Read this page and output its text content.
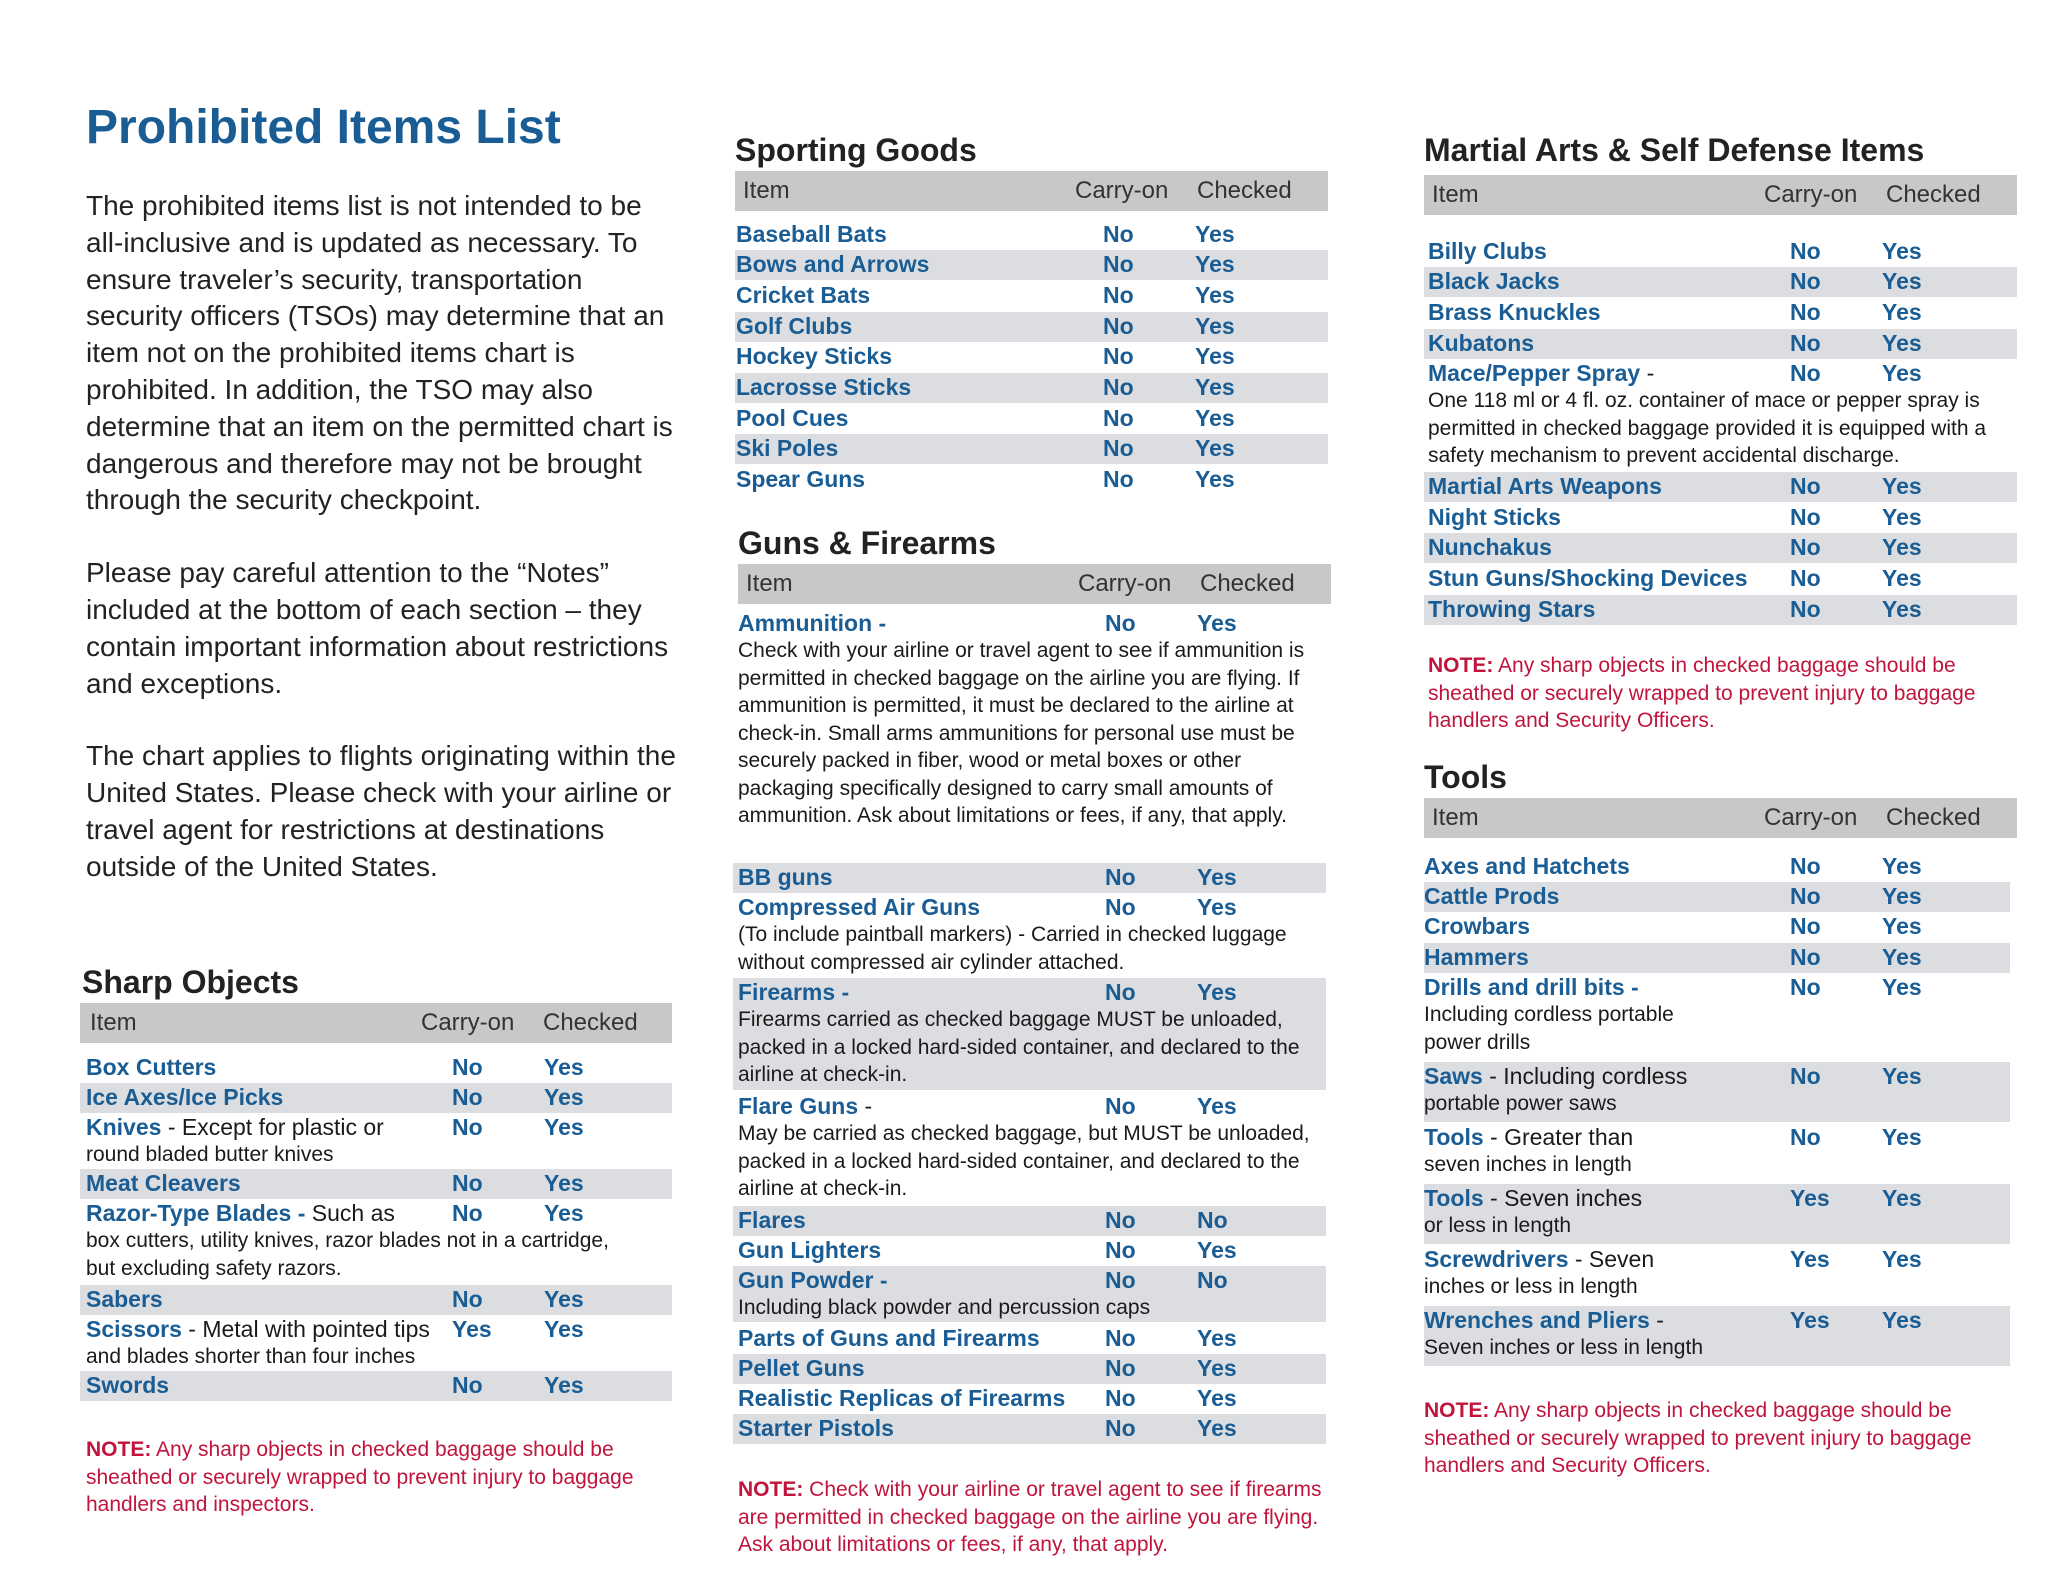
Prohibited Items List

The prohibited items list is not intended to be all-inclusive and is updated as necessary. To ensure traveler’s security, transportation security officers (TSOs) may determine that an item not on the prohibited items chart is prohibited. In addition, the TSO may also determine that an item on the permitted chart is dangerous and therefore may not be brought through the security checkpoint.

Please pay careful attention to the “Notes” included at the bottom of each section – they contain important information about restrictions and exceptions.

The chart applies to flights originating within the United States. Please check with your airline or travel agent for restrictions at destinations outside of the United States.

Sharp Objects
Item	Carry-on Checked
Box Cutters	No	Yes
Ice Axes/Ice Picks	No	Yes
Knives - Except for plastic or
round bladed butter knives
No	Yes
Meat Cleavers	No	Yes
Razor-Type Blades - Such as
box cutters, utility knives, razor blades not in a cartridge, but excluding safety razors.
No	Yes
Sabers	No	Yes
Scissors - Metal with pointed tips
and blades shorter than four inches
Yes Yes
Swords	No	Yes

NOTE: Any sharp objects in checked baggage should be sheathed or securely wrapped to prevent injury to baggage handlers and inspectors.

Sporting Goods
Item	Carry-on Checked
Baseball Bats	No	Yes
Bows and Arrows	No	Yes
Cricket Bats	No	Yes
Golf Clubs	No	Yes
Hockey Sticks	No	Yes
Lacrosse Sticks	No	Yes
Pool Cues	No	Yes
Ski Poles	No	Yes
Spear Guns	No	Yes
Guns & Firearms
Item	Carry-on Checked
Ammunition -
Check with your airline or travel agent to see if ammunition is permitted in checked baggage on the airline you are flying. If ammunition is permitted, it must be declared to the airline at check-in. Small arms ammunitions for personal use must be securely packed in fiber, wood or metal boxes or other packaging specifically designed to carry small amounts of ammunition. Ask about limitations or fees, if any, that apply.
No	Yes
BB guns	No	Yes
Compressed Air Guns
(To include paintball markers) - Carried in checked luggage without compressed air cylinder attached.
No	Yes
Firearms -
Firearms carried as checked baggage MUST be unloaded, packed in a locked hard-sided container, and declared to the airline at check-in.
No	Yes
Flare Guns -
May be carried as checked baggage, but MUST be unloaded, packed in a locked hard-sided container, and declared to the airline at check-in.
No	Yes
Flares	No	No
Gun Lighters	No	Yes
Gun Powder -
Including black powder and percussion caps
No	No
Parts of Guns and Firearms	No	Yes
Pellet Guns	No	Yes
Realistic Replicas of Firearms	No	Yes
Starter Pistols	No	Yes

NOTE: Check with your airline or travel agent to see if firearms are permitted in checked baggage on the airline you are flying. Ask about limitations or fees, if any, that apply.

Martial Arts & Self Defense Items
Item	Carry-on Checked
Billy Clubs	No	Yes
Black Jacks	No	Yes
Brass Knuckles	No	Yes
Kubatons	No	Yes
Mace/Pepper Spray -
One 118 ml or 4 fl. oz. container of mace or pepper spray is permitted in checked baggage provided it is equipped with a safety mechanism to prevent accidental discharge.
No	Yes
Martial Arts Weapons	No	Yes
Night Sticks	No	Yes
Nunchakus	No	Yes
Stun Guns/Shocking Devices	No	Yes
Throwing Stars	No	Yes

NOTE: Any sharp objects in checked baggage should be sheathed or securely wrapped to prevent injury to baggage handlers and Security Officers.

Tools
Item	Carry-on Checked
Axes and Hatchets	No	Yes
Cattle Prods	No	Yes
Crowbars	No	Yes
Hammers	No	Yes
Drills and drill bits -
Including cordless portable power drills
No	Yes
Saws - Including cordless
portable power saws
No	Yes
Tools - Greater than
seven inches in length
No	Yes
Tools - Seven inches
or less in length
Yes Yes
Screwdrivers - Seven
inches or less in length
Yes Yes
Wrenches and Pliers -
Seven inches or less in length
Yes Yes

NOTE: Any sharp objects in checked baggage should be sheathed or securely wrapped to prevent injury to baggage handlers and Security Officers.
